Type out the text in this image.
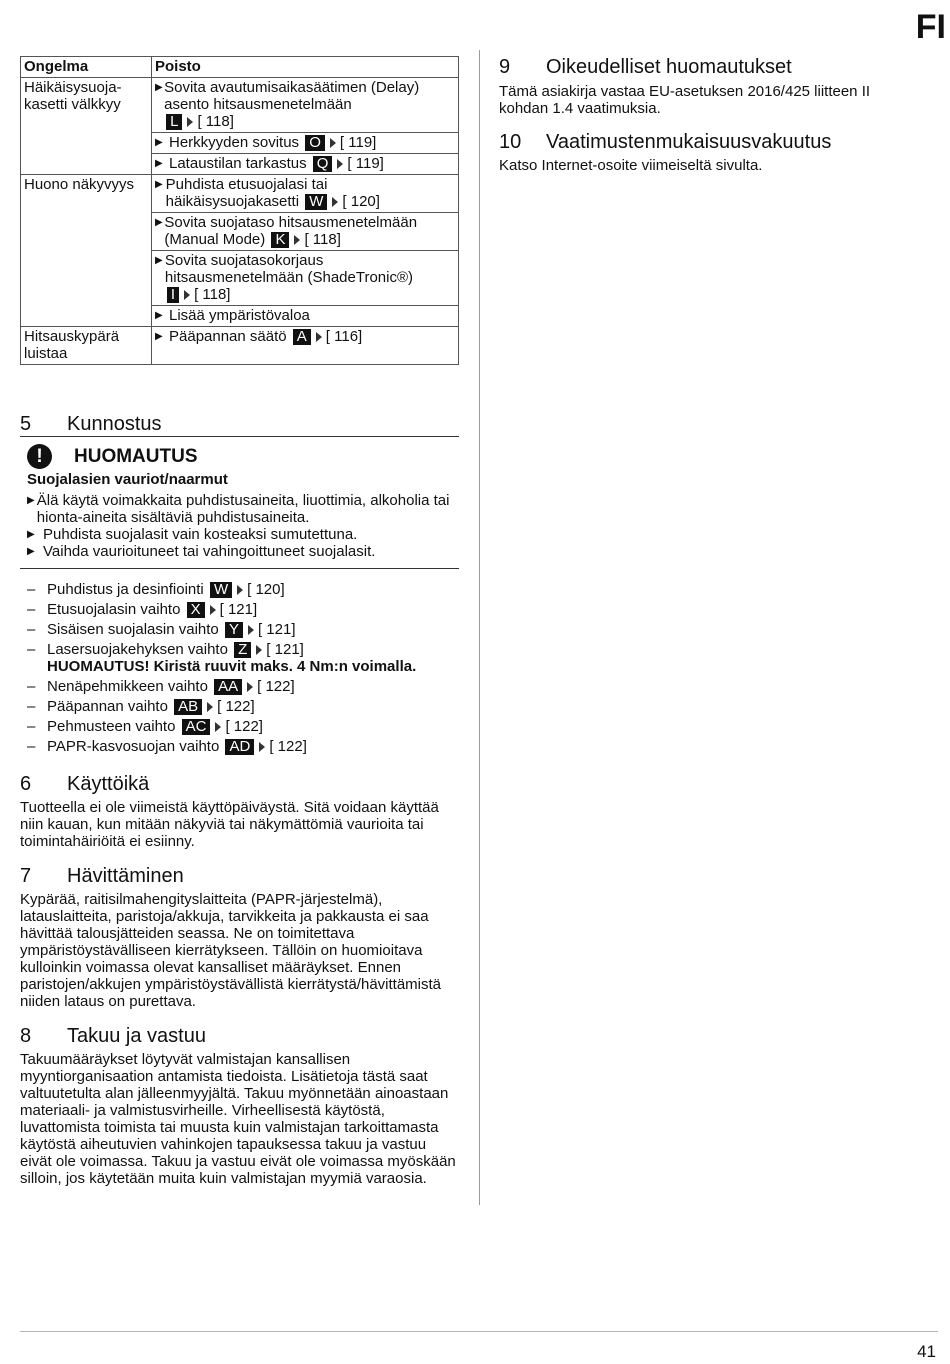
FI
Ongelma	Poisto
Häikäisysuoja-kasetti välkkyy	▶ Sovita avautumisaikasäätimen (Delay) asento hitsausmenetelmään
L [ 118]

	▶ Herkkyyden sovitus O [ 119]

	▶ Lataustilan tarkastus Q [ 119]

Huono näkyvyys	▶ Puhdista etusuojalasi tai häikäisysuojakasetti W [ 120]

	▶ Sovita suojataso hitsausmenetelmään (Manual Mode) K [ 118]

	▶ Sovita suojatasokorjaus hitsausmenetelmään (ShadeTronic®)
I [ 118]

	▶ Lisää ympäristövaloa

Hitsauskypärä luistaa	▶ Pääpannan säätö A [ 116]
5 Kunnostus
!	HUOMAUTUS
Suojalasien vauriot/naarmut
▶ Älä käytä voimakkaita puhdistusaineita, liuottimia, alkoholia tai hionta-aineita sisältäviä puhdistusaineita.
▶ Puhdista suojalasit vain kosteaksi sumutettuna.
▶ Vaihda vaurioituneet tai vahingoittuneet suojalasit.
– Puhdistus ja desinfiointi W [ 120]
– Etusuojalasin vaihto X [ 121]
– Sisäisen suojalasin vaihto Y [ 121]
– Lasersuojakehyksen vaihto Z [ 121]
HUOMAUTUS! Kiristä ruuvit maks. 4 Nm:n voimalla.
– Nenäpehmikkeen vaihto AA [ 122]
– Pääpannan vaihto AB [ 122]
– Pehmusteen vaihto AC [ 122]
– PAPR-kasvosuojan vaihto AD [ 122]
6 Käyttöikä

Tuotteella ei ole viimeistä käyttöpäiväystä. Sitä voidaan käyttää niin kauan, kun mitään näkyviä tai näkymättömiä vaurioita tai toimintahäiriöitä ei esiinny.

7 Hävittäminen

Kypärää, raitisilmahengityslaitteita (PAPR-järjestelmä), latauslaitteita, paristoja/akkuja, tarvikkeita ja pakkausta ei saa hävittää talousjätteiden seassa. Ne on toimitettava ympäristöystävälliseen kierrätykseen. Tällöin on huomioitava kulloinkin voimassa olevat kansalliset määräykset. Ennen paristojen/akkujen ympäristöystävällistä kierrätystä/hävittämistä niiden lataus on purettava.

8 Takuu ja vastuu

Takuumääräykset löytyvät valmistajan kansallisen myyntiorganisaation antamista tiedoista. Lisätietoja tästä saat valtuutetulta alan jälleenmyyjältä. Takuu myönnetään ainoastaan materiaali- ja valmistusvirheille. Virheellisestä käytöstä, luvattomista toimista tai muusta kuin valmistajan tarkoittamasta käytöstä aiheutuvien vahinkojen tapauksessa takuu ja vastuu eivät ole voimassa. Takuu ja vastuu eivät ole voimassa myöskään silloin, jos käytetään muita kuin valmistajan myymiä varaosia.

9 Oikeudelliset huomautukset

Tämä asiakirja vastaa EU-asetuksen 2016/425 liitteen II kohdan 1.4 vaatimuksia.

10 Vaatimustenmukaisuusvakuutus

Katso Internet-osoite viimeiseltä sivulta.

41
